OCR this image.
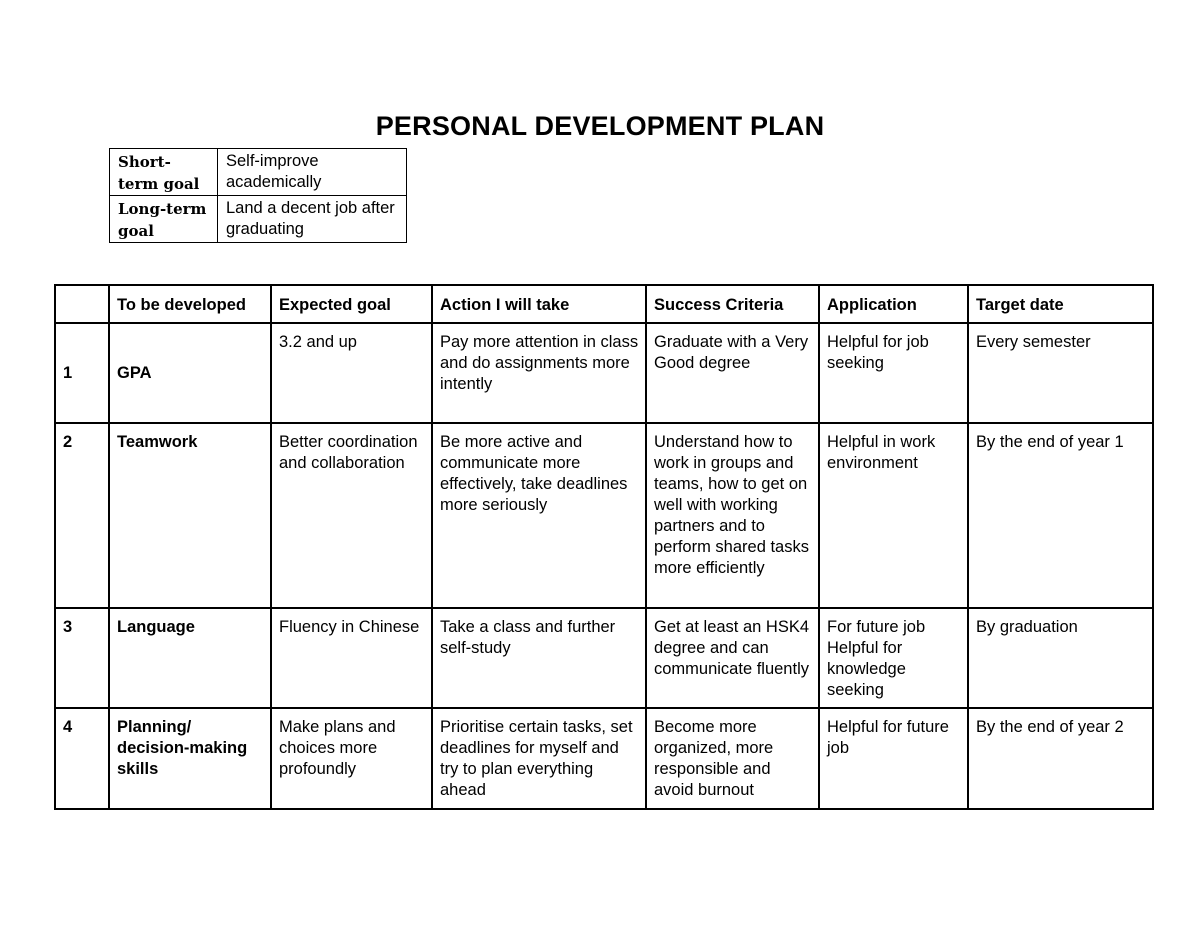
PERSONAL DEVELOPMENT PLAN
Short-term goal	Self-improve academically
Long-term goal	Land a decent job after graduating
	To be developed	Expected goal	Action I will take	Success Criteria	Application	Target date
1	GPA	3.2 and up	Pay more attention in class and do assignments more intently	Graduate with a Very Good degree	Helpful for job seeking	Every semester
2	Teamwork	Better coordination and collaboration	Be more active and communicate more effectively, take deadlines more seriously	Understand how to work in groups and teams, how to get on well with working partners and to perform shared tasks more efficiently	Helpful in work environment	By the end of year 1
3	Language	Fluency in Chinese	Take a class and further self-study	Get at least an HSK4 degree and can communicate fluently	For future job Helpful for knowledge seeking	By graduation
4	Planning/ decision-making skills	Make plans and choices more profoundly	Prioritise certain tasks, set deadlines for myself and try to plan everything ahead	Become more organized, more responsible and avoid burnout	Helpful for future job	By the end of year 2
